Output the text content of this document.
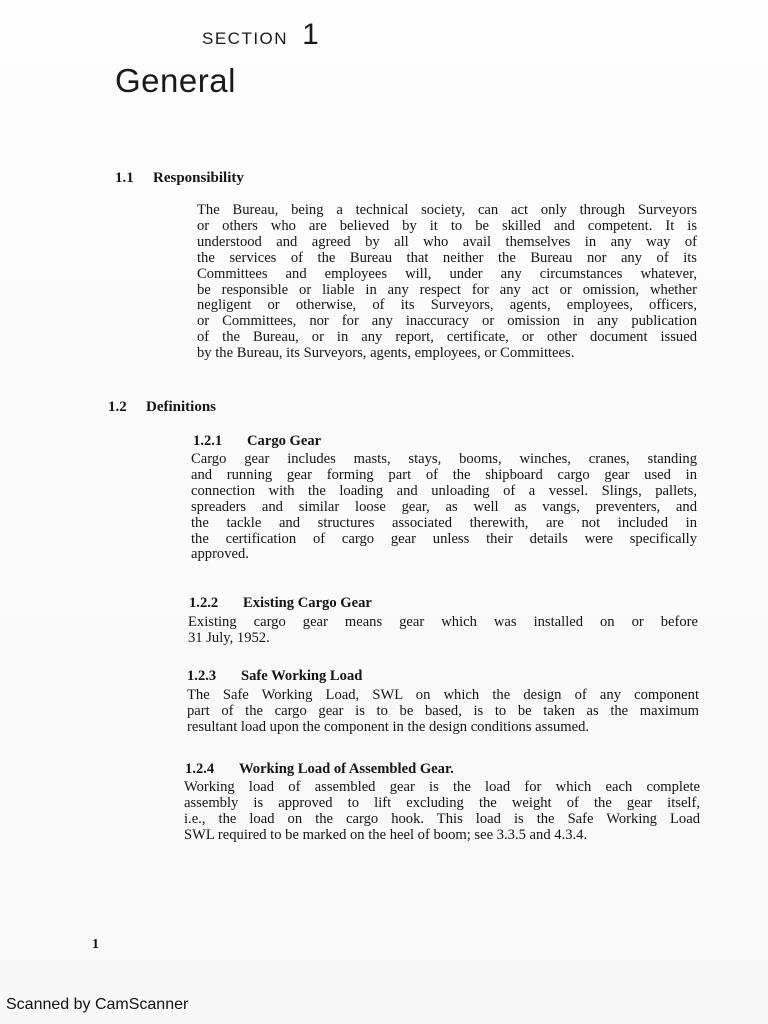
SECTION 1
General
1.1 Responsibility
The Bureau, being a technical society, can act only through Surveyors
or others who are believed by it to be skilled and competent. It is
understood and agreed by all who avail themselves in any way of
the services of the Bureau that neither the Bureau nor any of its
Committees and employees will, under any circumstances whatever,
be responsible or liable in any respect for any act or omission, whether
negligent or otherwise, of its Surveyors, agents, employees, officers,
or Committees, nor for any inaccuracy or omission in any publication
of the Bureau, or in any report, certificate, or other document issued
by the Bureau, its Surveyors, agents, employees, or Committees.
1.2 Definitions
1.2.1 Cargo Gear
Cargo gear includes masts, stays, booms, winches, cranes, standing
and running gear forming part of the shipboard cargo gear used in
connection with the loading and unloading of a vessel. Slings, pallets,
spreaders and similar loose gear, as well as vangs, preventers, and
the tackle and structures associated therewith, are not included in
the certification of cargo gear unless their details were specifically
approved.
1.2.2 Existing Cargo Gear
Existing cargo gear means gear which was installed on or before
31 July, 1952.
1.2.3 Safe Working Load
The Safe Working Load, SWL on which the design of any component
part of the cargo gear is to be based, is to be taken as the maximum
resultant load upon the component in the design conditions assumed.
1.2.4 Working Load of Assembled Gear.
Working load of assembled gear is the load for which each complete
assembly is approved to lift excluding the weight of the gear itself,
i.e., the load on the cargo hook. This load is the Safe Working Load
SWL required to be marked on the heel of boom; see 3.3.5 and 4.3.4.
1
Scanned by CamScanner
